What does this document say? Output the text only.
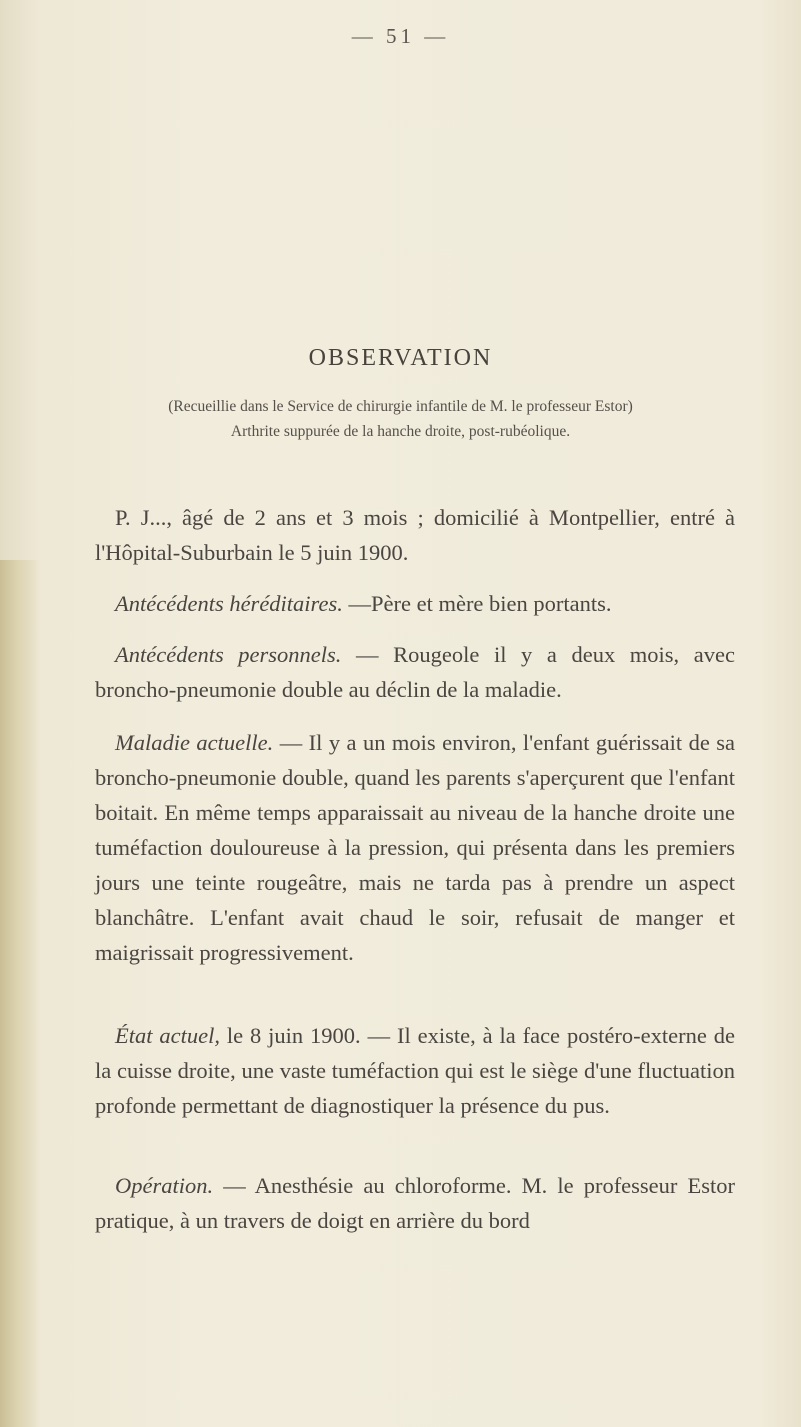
— 51 —
OBSERVATION
(Recueillie dans le Service de chirurgie infantile de M. le professeur Estor)
Arthrite suppurée de la hanche droite, post-rubéolique.

P. J..., âgé de 2 ans et 3 mois ; domicilié à Montpellier, entré à l'Hôpital-Suburbain le 5 juin 1900.

Antécédents héréditaires. —Père et mère bien portants.

Antécédents personnels. — Rougeole il y a deux mois, avec broncho-pneumonie double au déclin de la maladie.

Maladie actuelle. — Il y a un mois environ, l'enfant guérissait de sa broncho-pneumonie double, quand les parents s'aperçurent que l'enfant boitait. En même temps apparaissait au niveau de la hanche droite une tuméfaction douloureuse à la pression, qui présenta dans les premiers jours une teinte rougeâtre, mais ne tarda pas à prendre un aspect blanchâtre. L'enfant avait chaud le soir, refusait de manger et maigrissait progressivement.

État actuel, le 8 juin 1900. — Il existe, à la face postéro-externe de la cuisse droite, une vaste tuméfaction qui est le siège d'une fluctuation profonde permettant de diagnostiquer la présence du pus.

Opération. — Anesthésie au chloroforme. M. le professeur Estor pratique, à un travers de doigt en arrière du bord
